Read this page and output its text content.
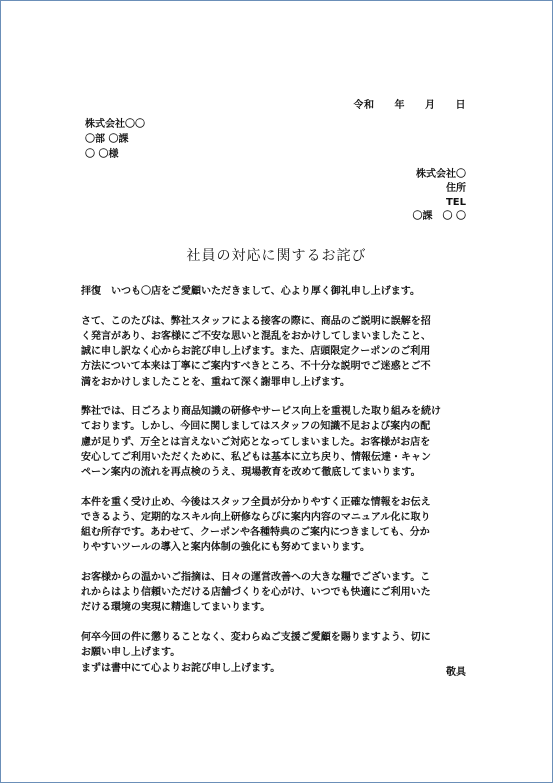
令和 年 月 日
株式会社〇〇
〇部 〇課
〇 〇様
株式会社〇
住所
TEL
〇課　〇 〇
社員の対応に関するお詫び
拝復　いつも〇店をご愛顧いただきまして、心より厚く御礼申し上げます。
さて、このたびは、弊社スタッフによる接客の際に、商品のご説明に誤解を招
く発言があり、お客様にご不安な思いと混乱をおかけしてしまいましたこと、
誠に申し訳なく心からお詫び申し上げます。また、店頭限定クーポンのご利用
方法について本来は丁寧にご案内すべきところ、不十分な説明でご迷惑とご不
満をおかけしましたことを、重ねて深く謝罪申し上げます。
弊社では、日ごろより商品知識の研修やサービス向上を重視した取り組みを続け
ております。しかし、今回に関しましてはスタッフの知識不足および案内の配
慮が足りず、万全とは言えないご対応となってしまいました。お客様がお店を
安心してご利用いただくために、私どもは基本に立ち戻り、情報伝達・キャン
ペーン案内の流れを再点検のうえ、現場教育を改めて徹底してまいります。
本件を重く受け止め、今後はスタッフ全員が分かりやすく正確な情報をお伝え
できるよう、定期的なスキル向上研修ならびに案内内容のマニュアル化に取り
組む所存です。あわせて、クーポンや各種特典のご案内につきましても、分か
りやすいツールの導入と案内体制の強化にも努めてまいります。
お客様からの温かいご指摘は、日々の運営改善への大きな糧でございます。こ
れからはより信頼いただける店舗づくりを心がけ、いつでも快適にご利用いた
だける環境の実現に精進してまいります。
何卒今回の件に懲りることなく、変わらぬご支援ご愛顧を賜りますよう、切に
お願い申し上げます。
まずは書中にて心よりお詫び申し上げます。	敬具
